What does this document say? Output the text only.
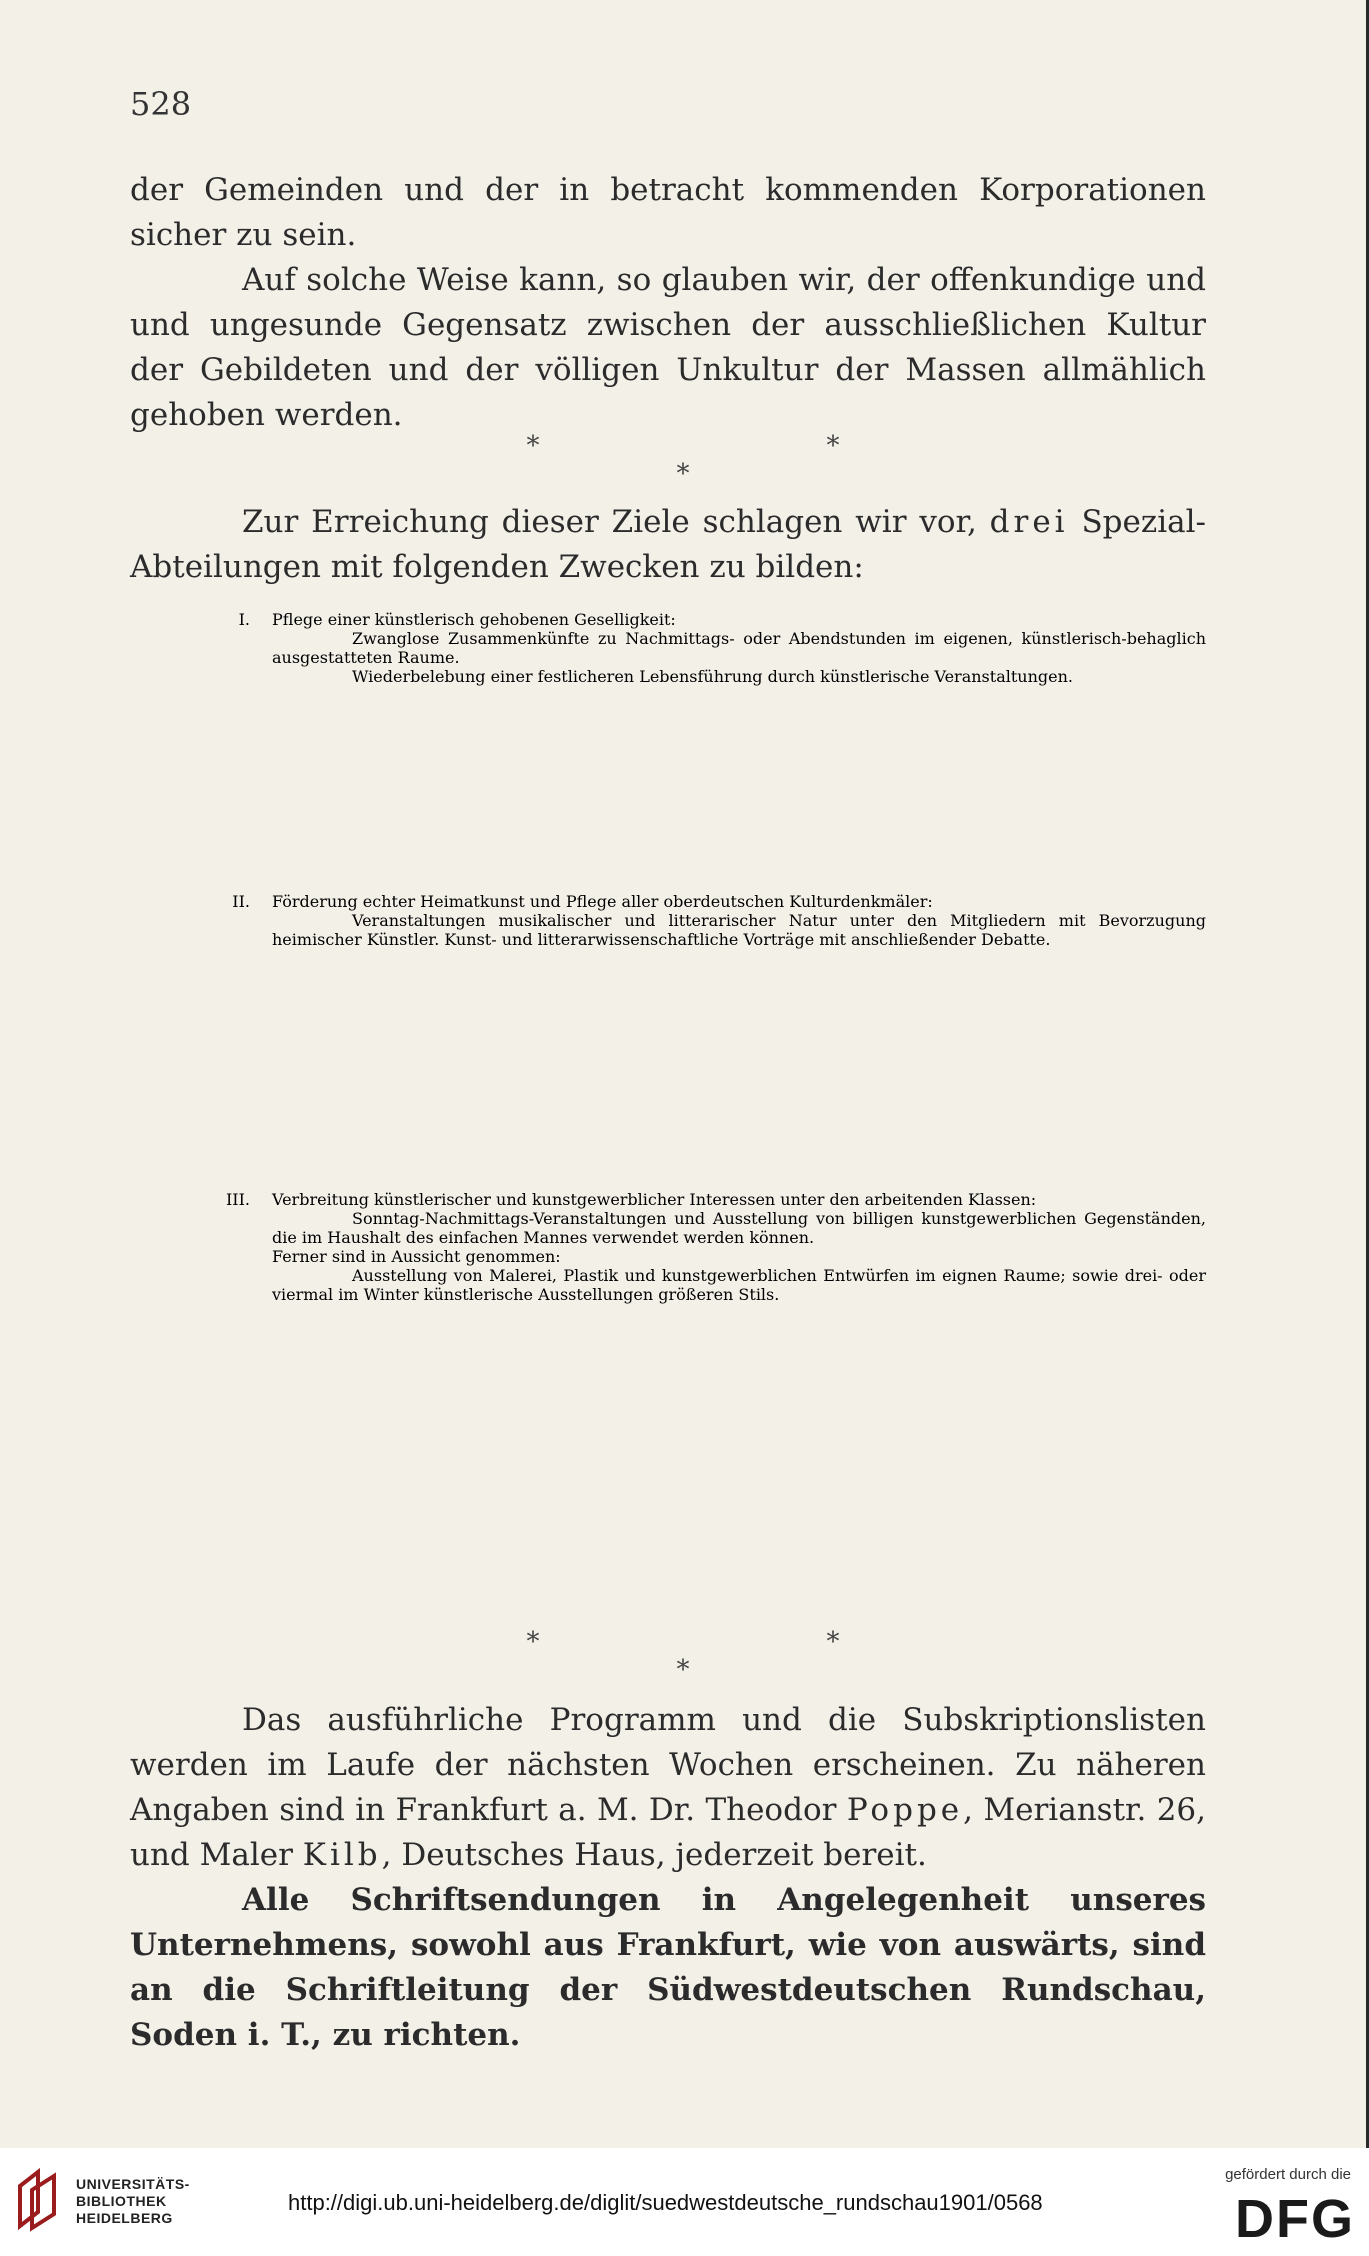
528

der Gemeinden und der in betracht kommenden Korporationen sicher zu sein.

Auf solche Weise kann, so glauben wir, der offenkundige und und ungesunde Gegensatz zwischen der ausschließlichen Kultur der Gebildeten und der völligen Unkultur der Massen allmählich gehoben werden.

*	*
*

Zur Erreichung dieser Ziele schlagen wir vor, drei Spezial-Abteilungen mit folgenden Zwecken zu bilden:

I. Pflege einer künstlerisch gehobenen Geselligkeit:

Zwanglose Zusammenkünfte zu Nachmittags- oder Abendstunden im eigenen, künstlerisch-behaglich ausgestatteten Raume.

Wiederbelebung einer festlicheren Lebensführung durch künstlerische Veranstaltungen.

II. Förderung echter Heimatkunst und Pflege aller oberdeutschen Kulturdenkmäler:

Veranstaltungen musikalischer und litterarischer Natur unter den Mitgliedern mit Bevorzugung heimischer Künstler. Kunst- und litterarwissenschaftliche Vorträge mit anschließender Debatte.

III. Verbreitung künstlerischer und kunstgewerblicher Interessen unter den arbeitenden Klassen:

Sonntag-Nachmittags-Veranstaltungen und Ausstellung von billigen kunstgewerblichen Gegenständen, die im Haushalt des einfachen Mannes verwendet werden können.

Ferner sind in Aussicht genommen:

Ausstellung von Malerei, Plastik und kunstgewerblichen Entwürfen im eignen Raume; sowie drei- oder viermal im Winter künstlerische Ausstellungen größeren Stils.

*	*
*

Das ausführliche Programm und die Subskriptionslisten werden im Laufe der nächsten Wochen erscheinen. Zu näheren Angaben sind in Frankfurt a. M. Dr. Theodor Poppe, Merianstr. 26, und Maler Kilb, Deutsches Haus, jederzeit bereit.

Alle Schriftsendungen in Angelegenheit unseres Unternehmens, sowohl aus Frankfurt, wie von auswärts, sind an die Schriftleitung der Südwestdeutschen Rundschau, Soden i. T., zu richten.

UNIVERSITÄTS-
BIBLIOTHEK
HEIDELBERG
http://digi.ub.uni-heidelberg.de/diglit/suedwestdeutsche_rundschau1901/0568
gefördert durch die
DFG
